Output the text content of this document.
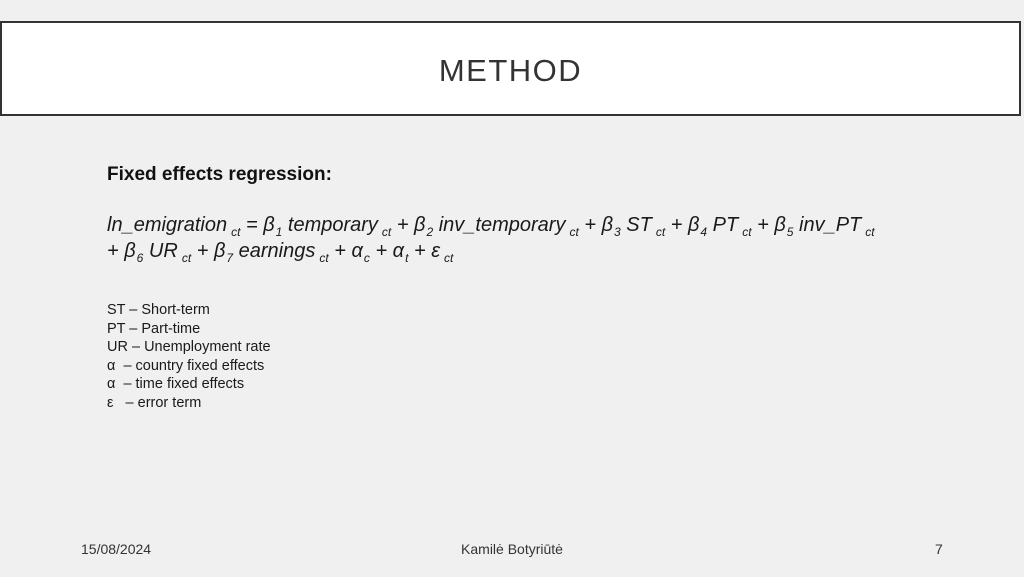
METHOD
Fixed effects regression:
ln_emigration $_{ct} = \beta_1$ temporary $_{ct} + \beta_2$ inv_temporary $_{ct} + \beta_3$ ST $_{ct} + \beta_4$ PT $_{ct} + \beta_5$ inv_PT $_{ct}$
+ $\beta_6$ UR $_{ct} + \beta_7$ earnings $_{ct} + \alpha_c + \alpha_t + \varepsilon$ $_{ct}$
ST – Short-term
PT – Part-time
UR – Unemployment rate
α  – country fixed effects
α  – time fixed effects
ε   – error term
15/08/2024	Kamilė Botyriūtė	7
